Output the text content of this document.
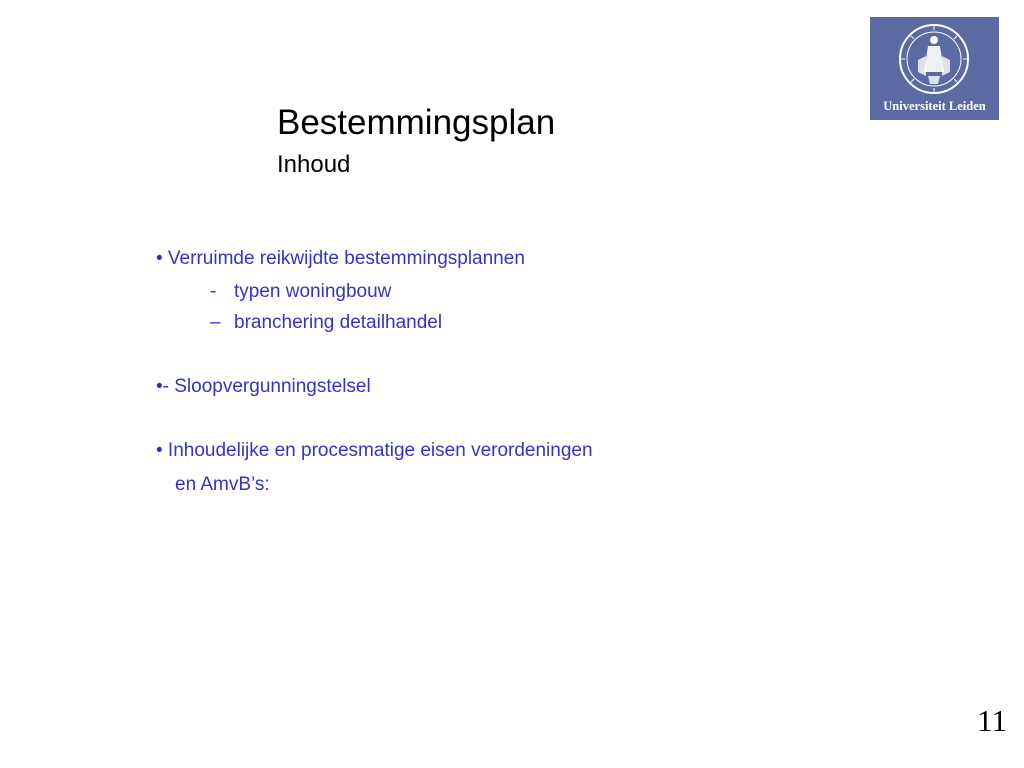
Universiteit Leiden
Bestemmingsplan
Inhoud
• Verruimde reikwijdte bestemmingsplannen
- typen woningbouw
– branchering detailhandel
•- Sloopvergunningstelsel
• Inhoudelijke en procesmatige eisen verordeningen
en AmvB’s:
11
